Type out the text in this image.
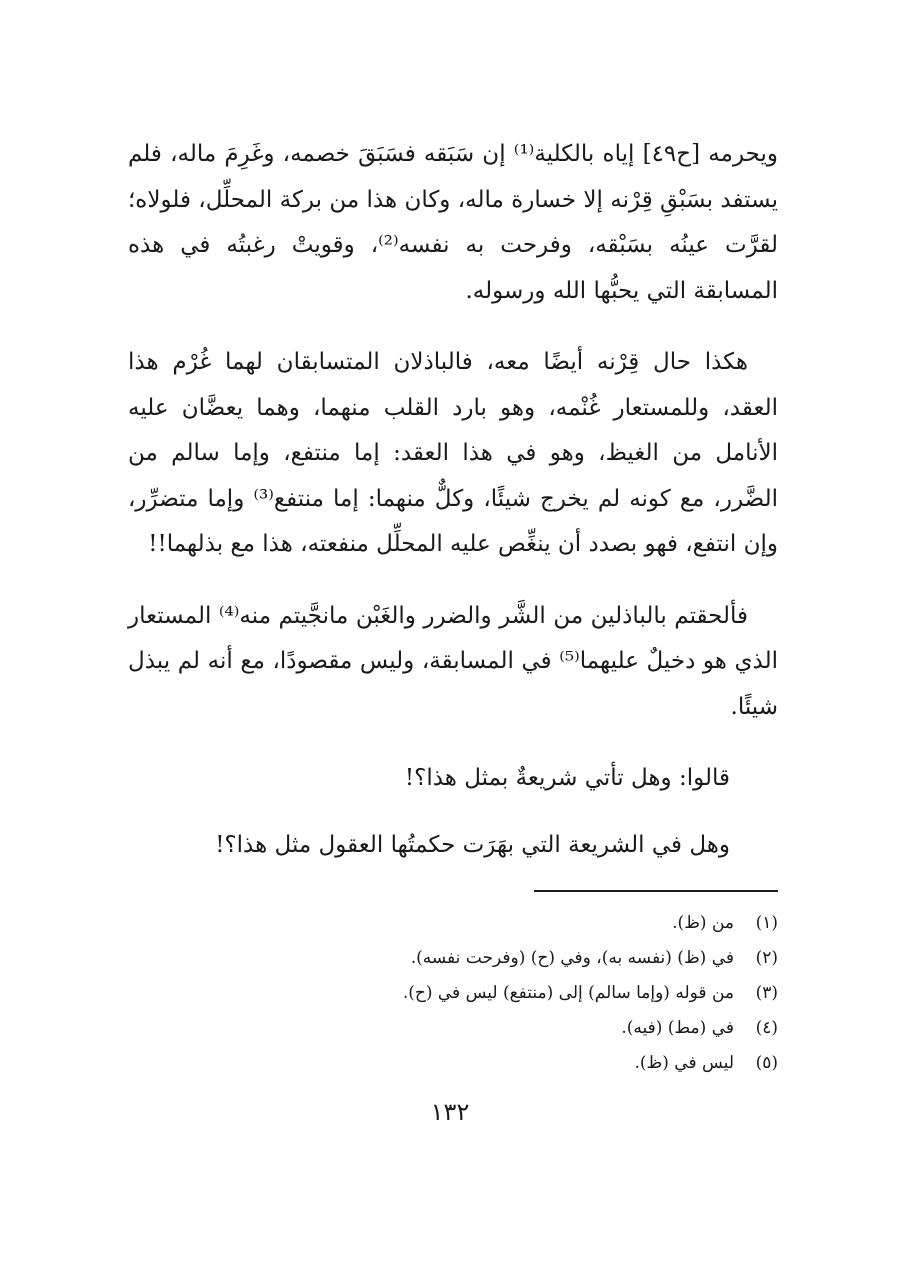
ويحرمه [ح٤٩] إياه بالكلية⁽¹⁾ إن سَبَقه فسَبَقَ خصمه، وغَرِمَ ماله، فلم يستفد بسَبْقِ قِرْنه إلا خسارة ماله، وكان هذا من بركة المحلِّل، فلولاه؛ لقرَّت عينُه بسَبْقه، وفرحت به نفسه⁽²⁾، وقويتْ رغبتُه في هذه المسابقة التي يحبُّها الله ورسوله.

هكذا حال قِرْنه أيضًا معه، فالباذلان المتسابقان لهما غُرْم هذا العقد، وللمستعار غُنْمه، وهو بارد القلب منهما، وهما يعضَّان عليه الأنامل من الغيظ، وهو في هذا العقد: إما منتفع، وإما سالم من الضَّرر، مع كونه لم يخرج شيئًا، وكلٌّ منهما: إما منتفع⁽³⁾ وإما متضرِّر، وإن انتفع، فهو بصدد أن ينغِّص عليه المحلِّل منفعته، هذا مع بذلهما!!

فألحقتم بالباذلين من الشَّر والضرر والغَبْن مانجَّيتم منه⁽⁴⁾ المستعار الذي هو دخيلٌ عليهما⁽⁵⁾ في المسابقة، وليس مقصودًا، مع أنه لم يبذل شيئًا.

قالوا: وهل تأتي شريعةٌ بمثل هذا؟!

وهل في الشريعة التي بهَرَت حكمتُها العقول مثل هذا؟!

(١)
من (ظ).
(٢)
في (ظ) (نفسه به)، وفي (ح) (وفرحت نفسه).
(٣)
من قوله (وإما سالم) إلى (منتفع) ليس في (ح).
(٤)
في (مط) (فيه).
(٥)
ليس في (ظ).
١٣٢
